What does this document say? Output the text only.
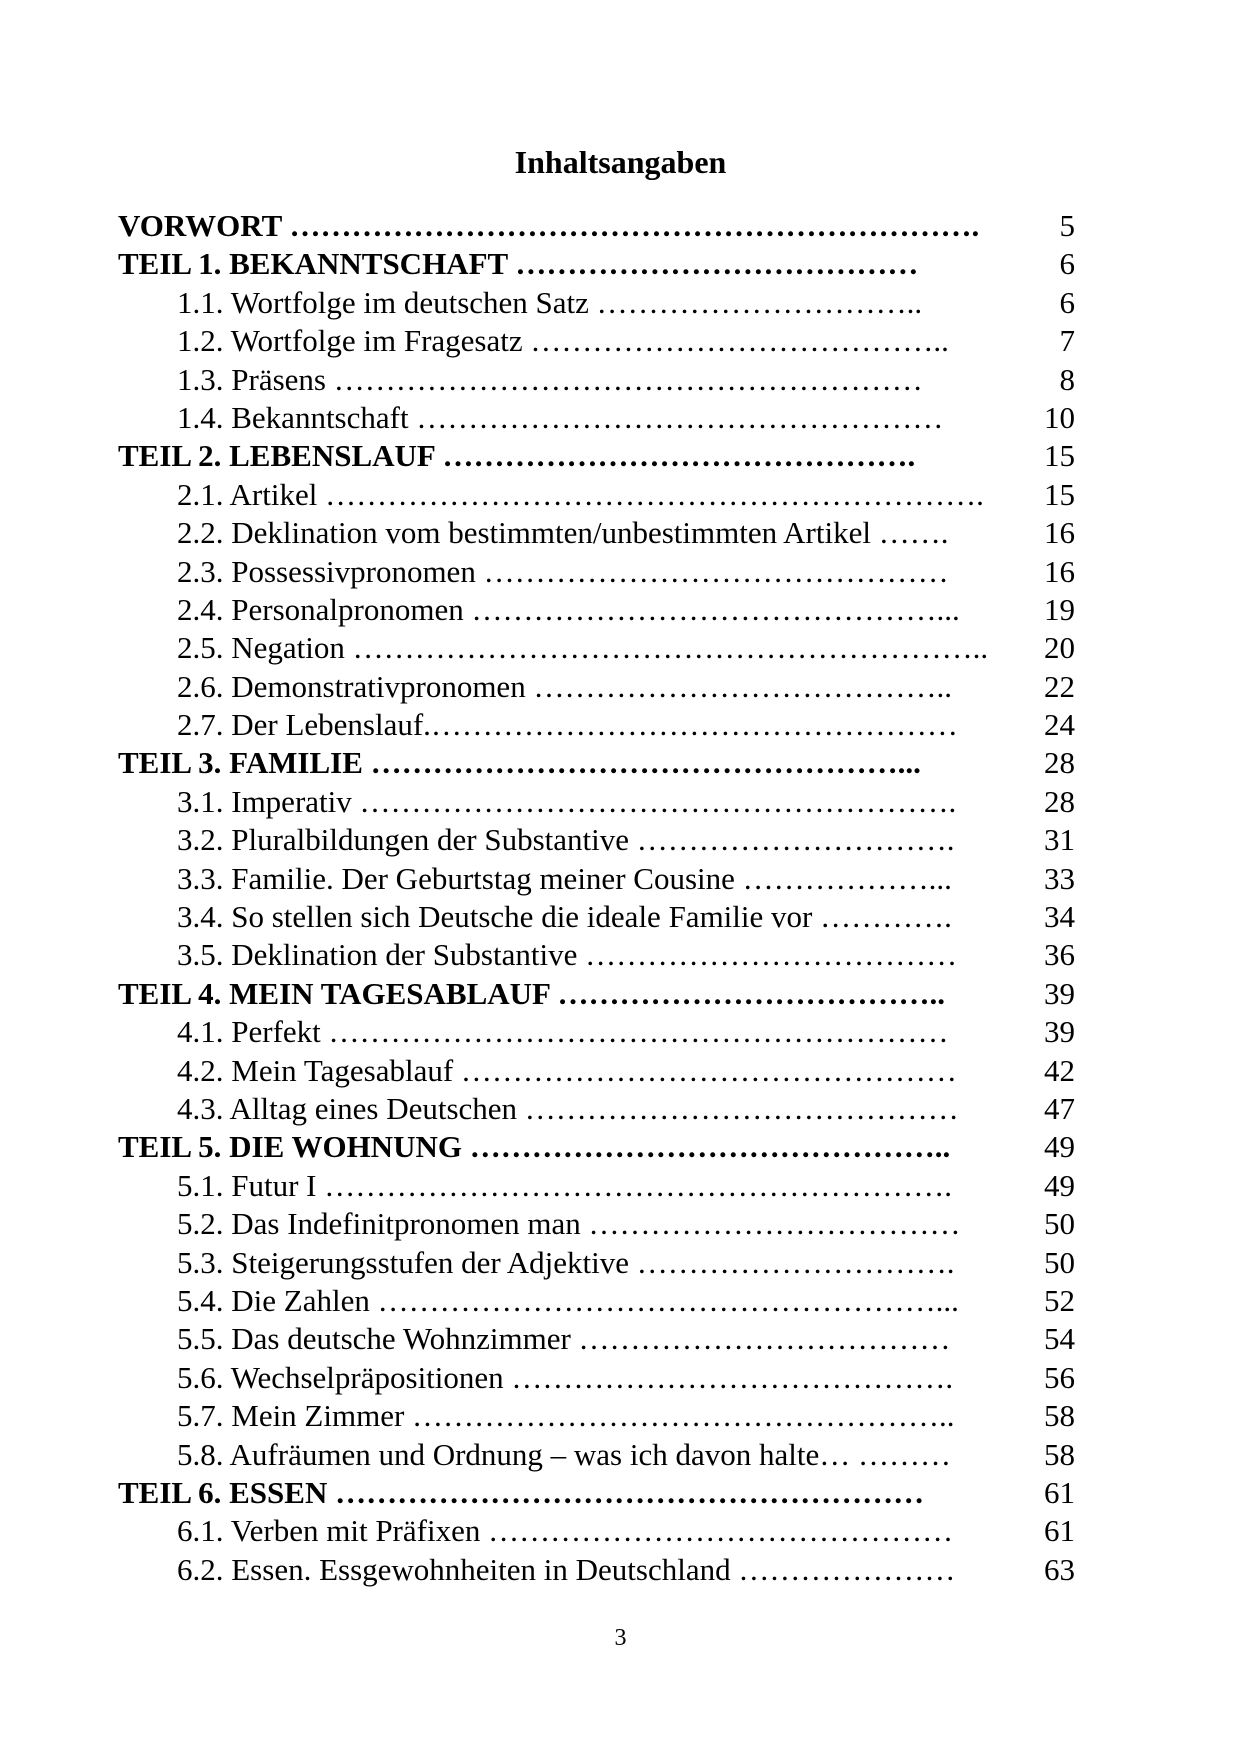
Inhaltsangaben
VORWORT ………………………………………………………….	5
TEIL 1. BEKANNTSCHAFT …………………………………	6
1.1. Wortfolge im deutschen Satz …………………………..	6
1.2. Wortfolge im Fragesatz …………………………………..	7
1.3. Präsens …………………………………………………	8
1.4. Bekanntschaft ……………………………………………	10
TEIL 2. LEBENSLAUF ……………………………………….	15
2.1. Artikel ………………………………………………………. 15
2.2. Deklination vom bestimmten/unbestimmten Artikel …….	16
2.3. Possessivpronomen ………………………………………	16
2.4. Personalpronomen ………………………………………...	19
2.5. Negation …………………………………………………….. 20
2.6. Demonstrativpronomen …………………………………..	22
2.7. Der Lebenslauf.……………………………………………	24
TEIL 3. FAMILIE ……………………………………………...	28
3.1. Imperativ ………………………………………………….	28
3.2. Pluralbildungen der Substantive ………………………….	31
3.3. Familie. Der Geburtstag meiner Cousine ………………...	33
3.4. So stellen sich Deutsche die ideale Familie vor ………….	34
3.5. Deklination der Substantive ………………………………	36
TEIL 4. MEIN TAGESABLAUF ………………………………..	39
4.1. Perfekt ……………………………………………………	39
4.2. Mein Tagesablauf …………………………………………	42
4.3. Alltag eines Deutschen ……………………………………	47
TEIL 5. DIE WOHNUNG ………………………………………..	49
5.1. Futur I …………………………………………………….	49
5.2. Das Indefinitpronomen man ………………………………	50
5.3. Steigerungsstufen der Adjektive ………………………….	50
5.4. Die Zahlen ………………………………………………...	52
5.5. Das deutsche Wohnzimmer ………………………………	54
5.6. Wechselpräpositionen …………………………………….	56
5.7. Mein Zimmer ……………………………………………..	58
5.8. Aufräumen und Ordnung – was ich davon halte… ………	58
TEIL 6. ESSEN …………………………………………………	61
6.1. Verben mit Präfixen ………………………………………	61
6.2. Essen. Essgewohnheiten in Deutschland …………………	63
3
